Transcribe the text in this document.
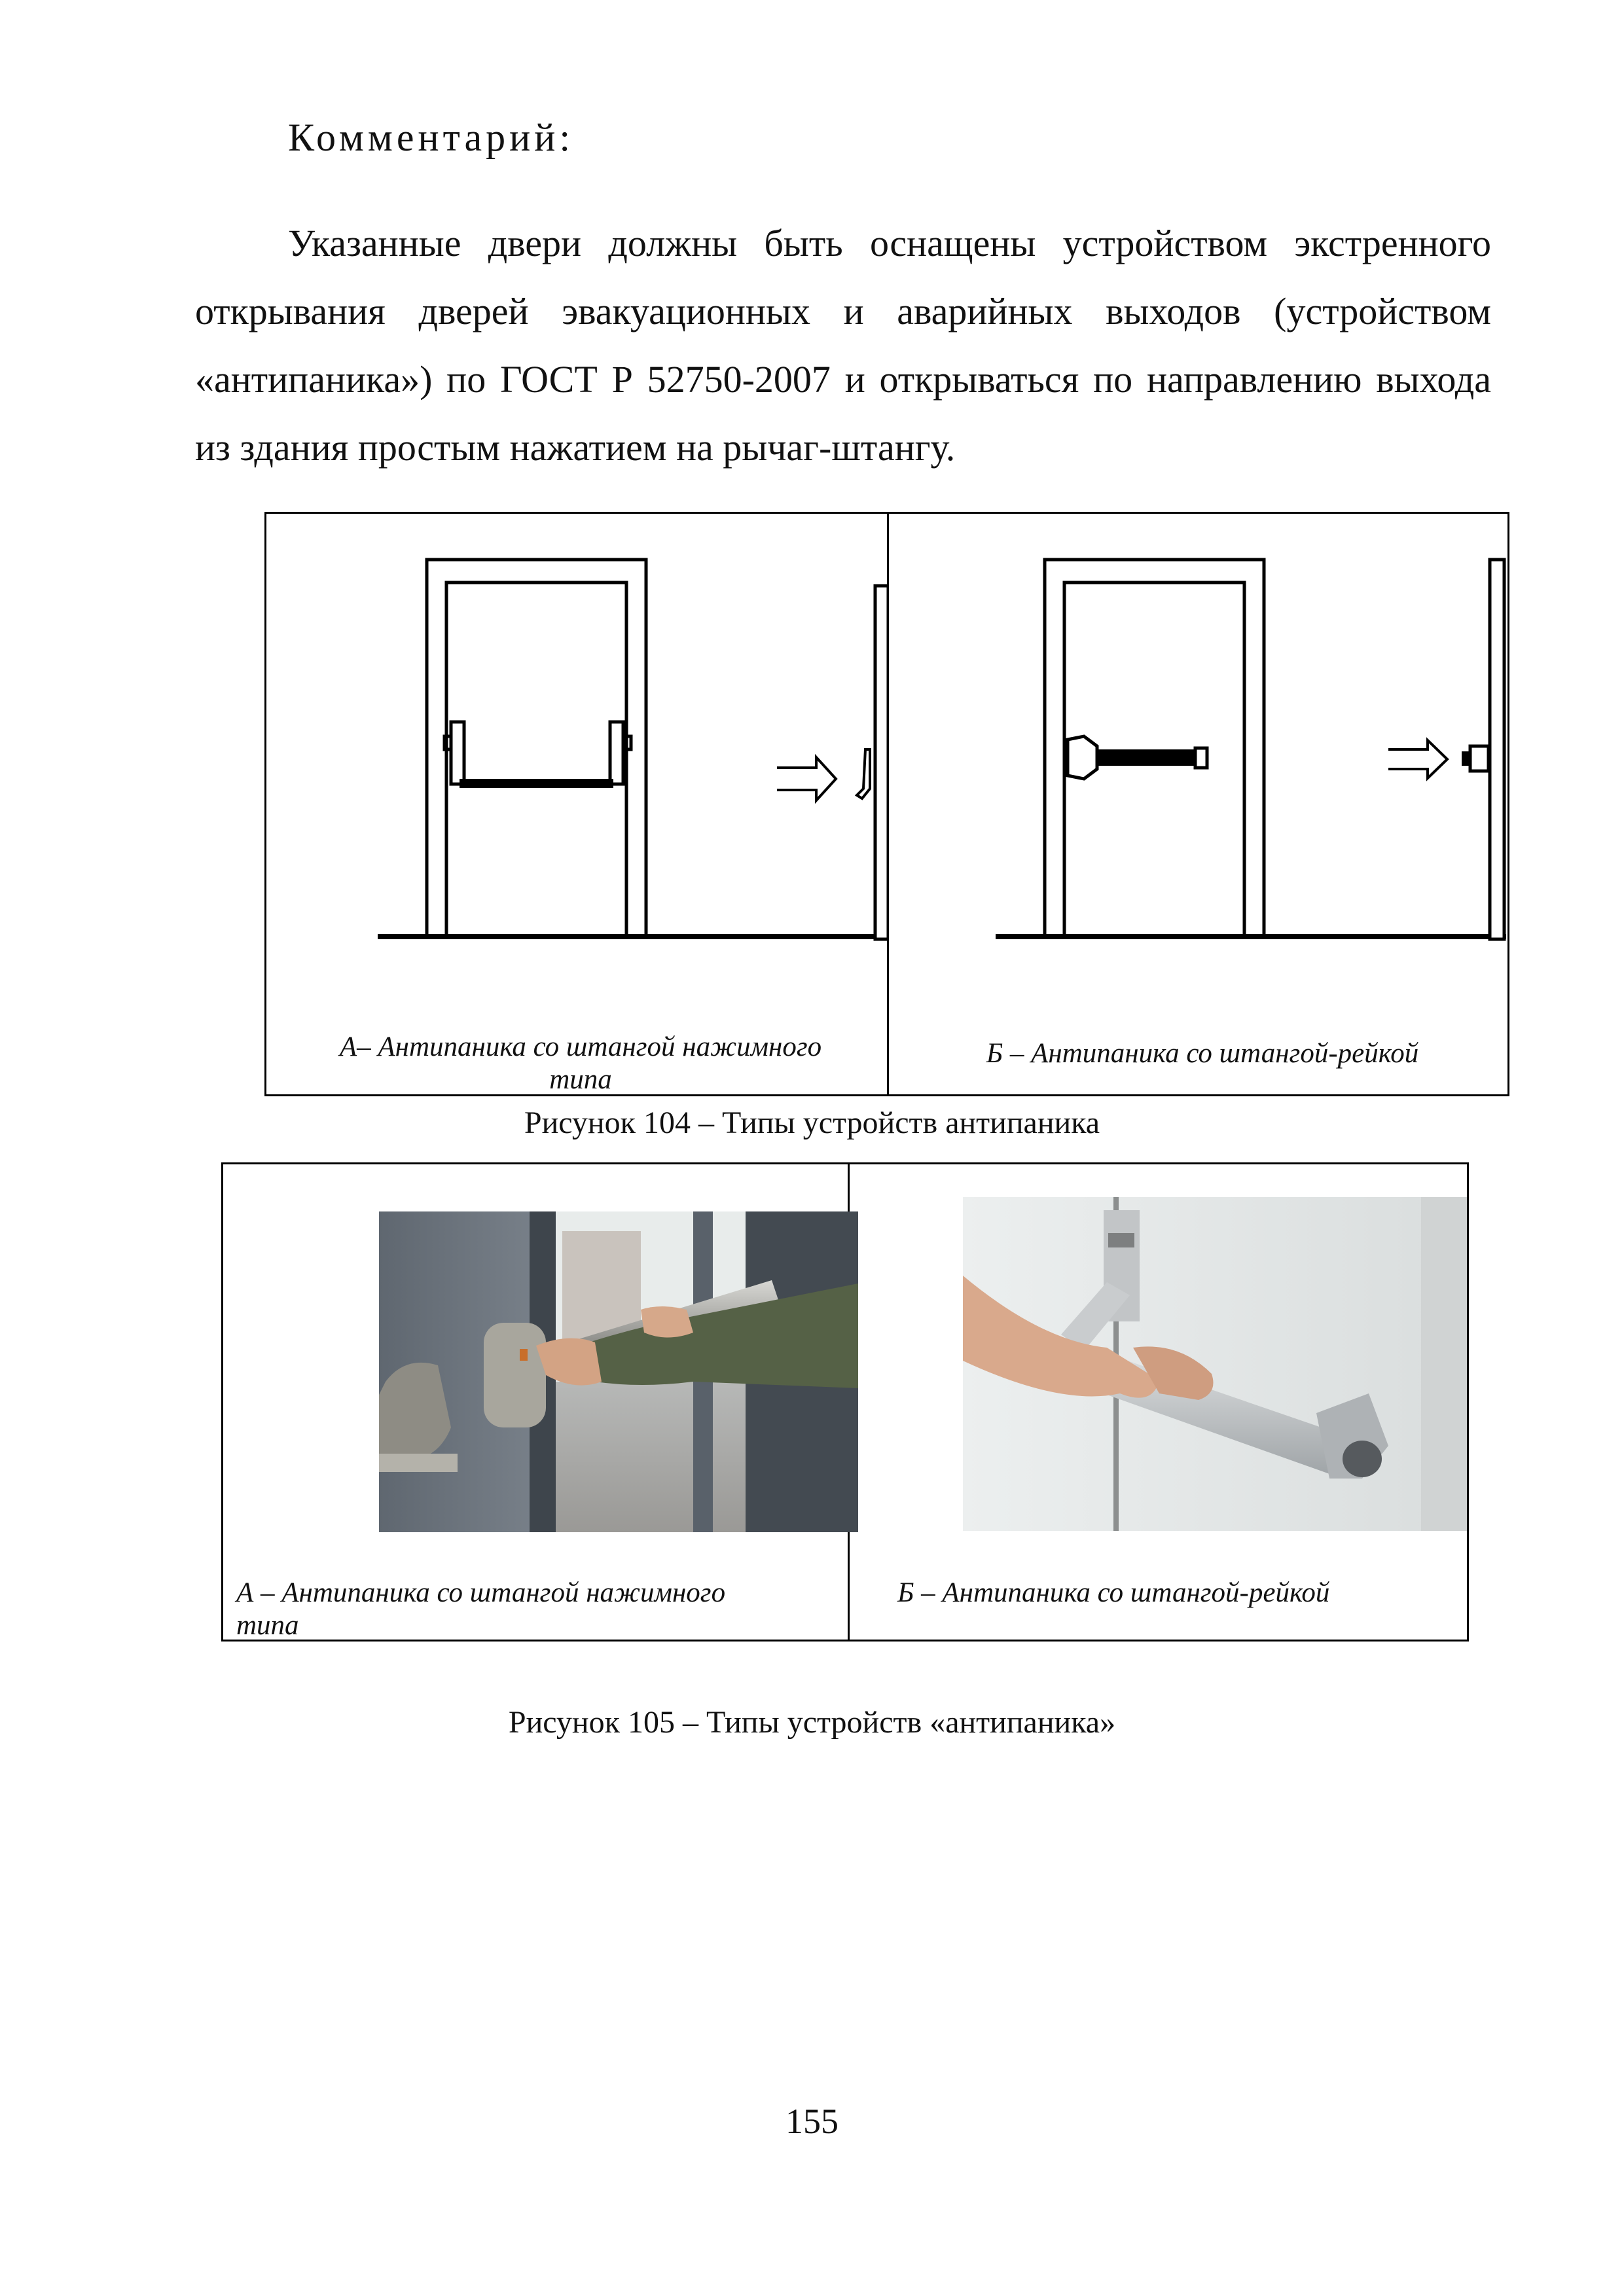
Комментарий:
Указанные двери должны быть оснащены устройством экстренного
открывания дверей эвакуационных и аварийных выходов (устройством
«антипаника») по ГОСТ Р 52750-2007 и открываться по направлению выхода
из здания простым нажатием на рычаг-штангу.
А– Антипаника со штангой нажимного
типа
Б – Антипаника со штангой-рейкой
Рисунок 104 – Типы устройств антипаника
А – Антипаника со штангой нажимного
типа
Б – Антипаника со штангой-рейкой
Рисунок 105 – Типы устройств «антипаника»
155
